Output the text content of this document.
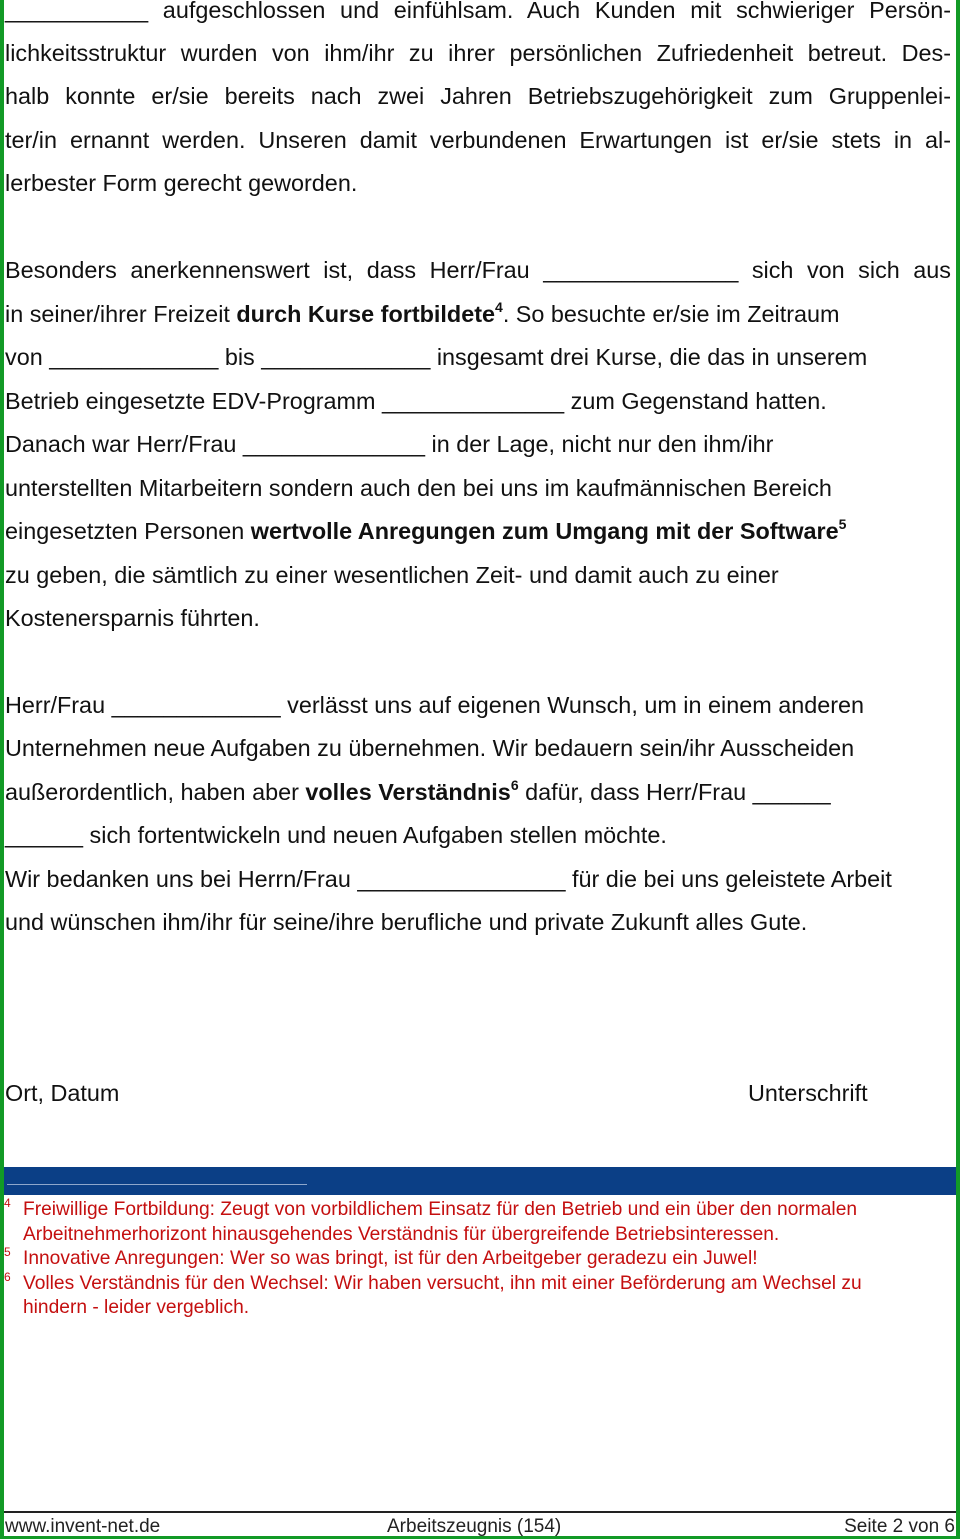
___________ aufgeschlossen und einfühlsam. Auch Kunden mit schwieriger Persön-
lichkeitsstruktur wurden von ihm/ihr zu ihrer persönlichen Zufriedenheit betreut. Des-
halb konnte er/sie bereits nach zwei Jahren Betriebszugehörigkeit zum Gruppenlei-
ter/in ernannt werden. Unseren damit verbundenen Erwartungen ist er/sie stets in al-
lerbester Form gerecht geworden.
Besonders anerkennenswert ist, dass Herr/Frau _______________ sich von sich aus
in seiner/ihrer Freizeit durch Kurse fortbildete$^4$. So besuchte er/sie im Zeitraum
von _____________ bis _____________ insgesamt drei Kurse, die das in unserem
Betrieb eingesetzte EDV-Programm ______________ zum Gegenstand hatten.
Danach war Herr/Frau ______________ in der Lage, nicht nur den ihm/ihr
unterstellten Mitarbeitern sondern auch den bei uns im kaufmännischen Bereich
eingesetzten Personen wertvolle Anregungen zum Umgang mit der Software$^5$
zu geben, die sämtlich zu einer wesentlichen Zeit- und damit auch zu einer
Kostenersparnis führten.
Herr/Frau _____________ verlässt uns auf eigenen Wunsch, um in einem anderen
Unternehmen neue Aufgaben zu übernehmen. Wir bedauern sein/ihr Ausscheiden
außerordentlich, haben aber volles Verständnis$^6$ dafür, dass Herr/Frau ______
______ sich fortentwickeln und neuen Aufgaben stellen möchte.
Wir bedanken uns bei Herrn/Frau ________________ für die bei uns geleistete Arbeit
und wünschen ihm/ihr für seine/ihre berufliche und private Zukunft alles Gute.
Ort, Datum	Unterschrift
4 Freiwillige Fortbildung: Zeugt von vorbildlichem Einsatz für den Betrieb und ein über den normalen
Arbeitnehmerhorizont hinausgehendes Verständnis für übergreifende Betriebsinteressen.
5 Innovative Anregungen: Wer so was bringt, ist für den Arbeitgeber geradezu ein Juwel!
6 Volles Verständnis für den Wechsel: Wir haben versucht, ihn mit einer Beförderung am Wechsel zu
hindern - leider vergeblich.
www.invent-net.de	Arbeitszeugnis (154)	Seite 2 von 6
